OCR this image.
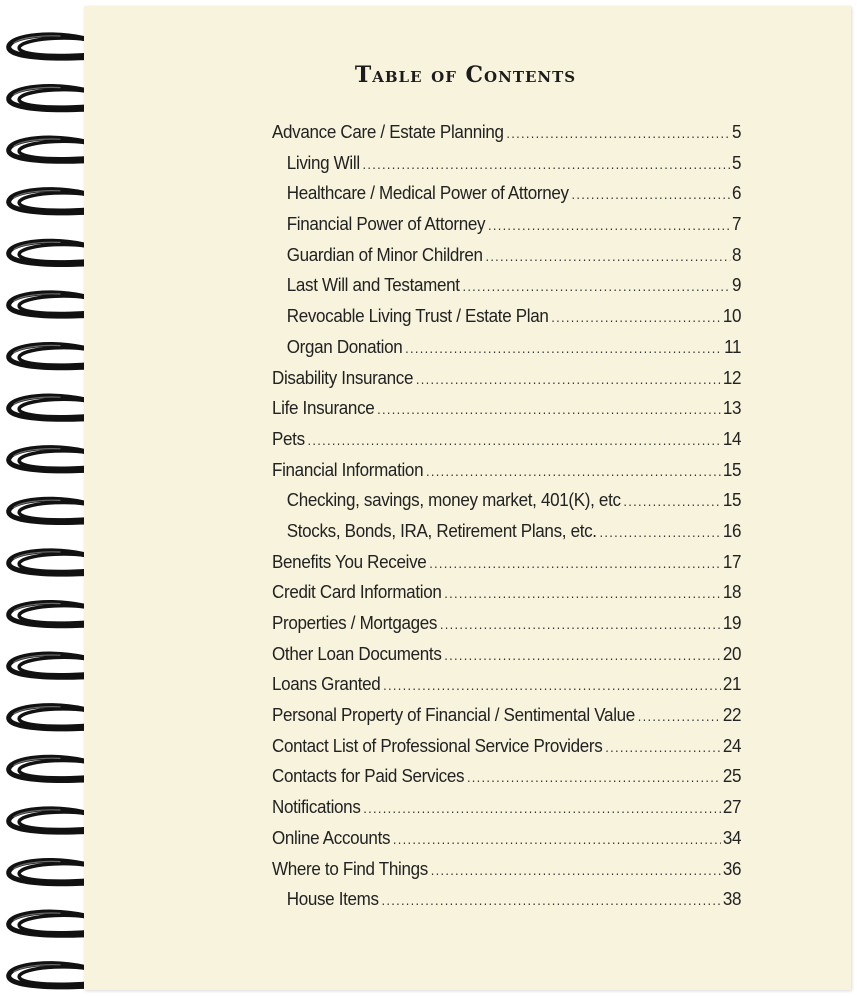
Table of Contents
Advance Care / Estate Planning .....	5
Living Will .....	5
Healthcare / Medical Power of Attorney .....	6
Financial Power of Attorney .....	7
Guardian of Minor Children .....	8
Last Will and Testament .....	9
Revocable Living Trust / Estate Plan .....	10
Organ Donation .....	11
Disability Insurance .....	12
Life Insurance .....	13
Pets .....	14
Financial Information .....	15
Checking, savings, money market, 401(K), etc .....	15
Stocks, Bonds, IRA, Retirement Plans, etc. .....	16
Benefits You Receive .....	17
Credit Card Information .....	18
Properties / Mortgages .....	19
Other Loan Documents .....	20
Loans Granted .....	21
Personal Property of Financial / Sentimental Value .....	22
Contact List of Professional Service Providers .....	24
Contacts for Paid Services .....	25
Notifications .....	27
Online Accounts .....	34
Where to Find Things .....	36
House Items .....	38
